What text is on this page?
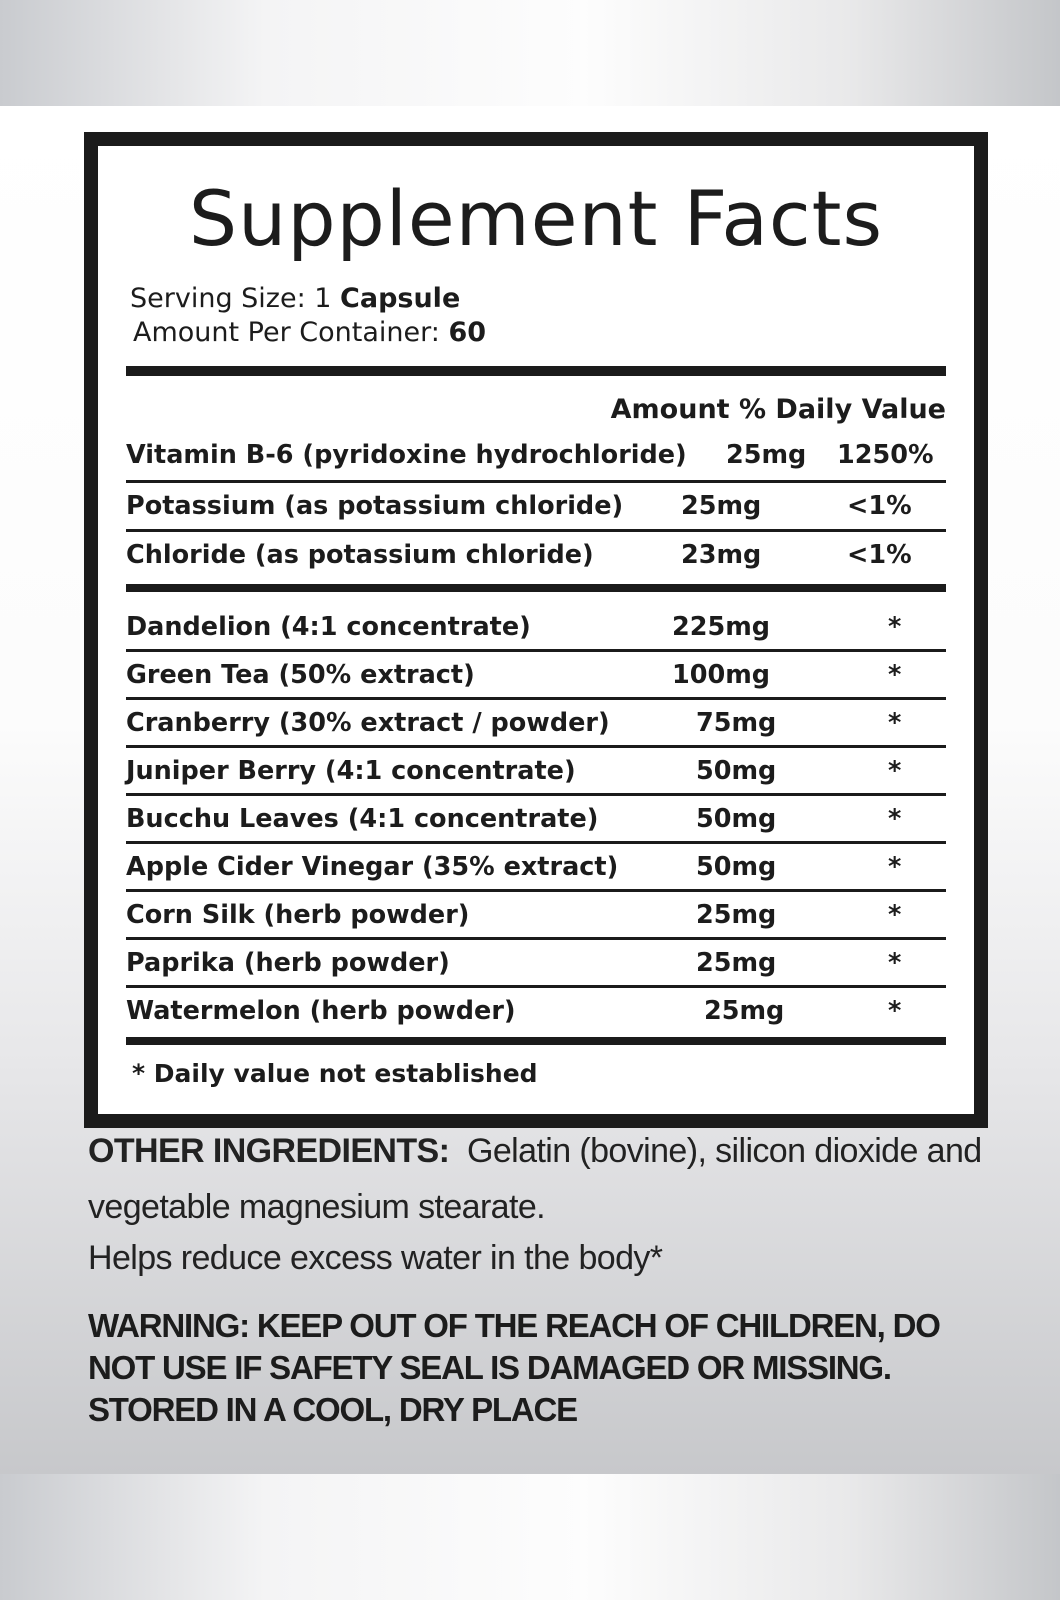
Supplement Facts
Serving Size: 1 Capsule
Amount Per Container: 60
Amount % Daily Value
Vitamin B-6 (pyridoxine hydrochloride) 25mg 1250%
Potassium (as potassium chloride) 25mg	<1%
Chloride (as potassium chloride)	23mg	<1%
Dandelion (4:1 concentrate)	225mg	*
Green Tea (50% extract)	100mg	*
Cranberry (30% extract / powder)	75mg	*
Juniper Berry (4:1 concentrate)	50mg	*
Bucchu Leaves (4:1 concentrate)	50mg	*
Apple Cider Vinegar (35% extract)	50mg	*
Corn Silk (herb powder)	25mg	*
Paprika (herb powder)	25mg	*
Watermelon (herb powder)	25mg	*
* Daily value not established
OTHER INGREDIENTS: Gelatin (bovine), silicon dioxide and vegetable magnesium stearate.
Helps reduce excess water in the body*
WARNING: KEEP OUT OF THE REACH OF CHILDREN, DO NOT USE IF SAFETY SEAL IS DAMAGED OR MISSING. STORED IN A COOL, DRY PLACE
